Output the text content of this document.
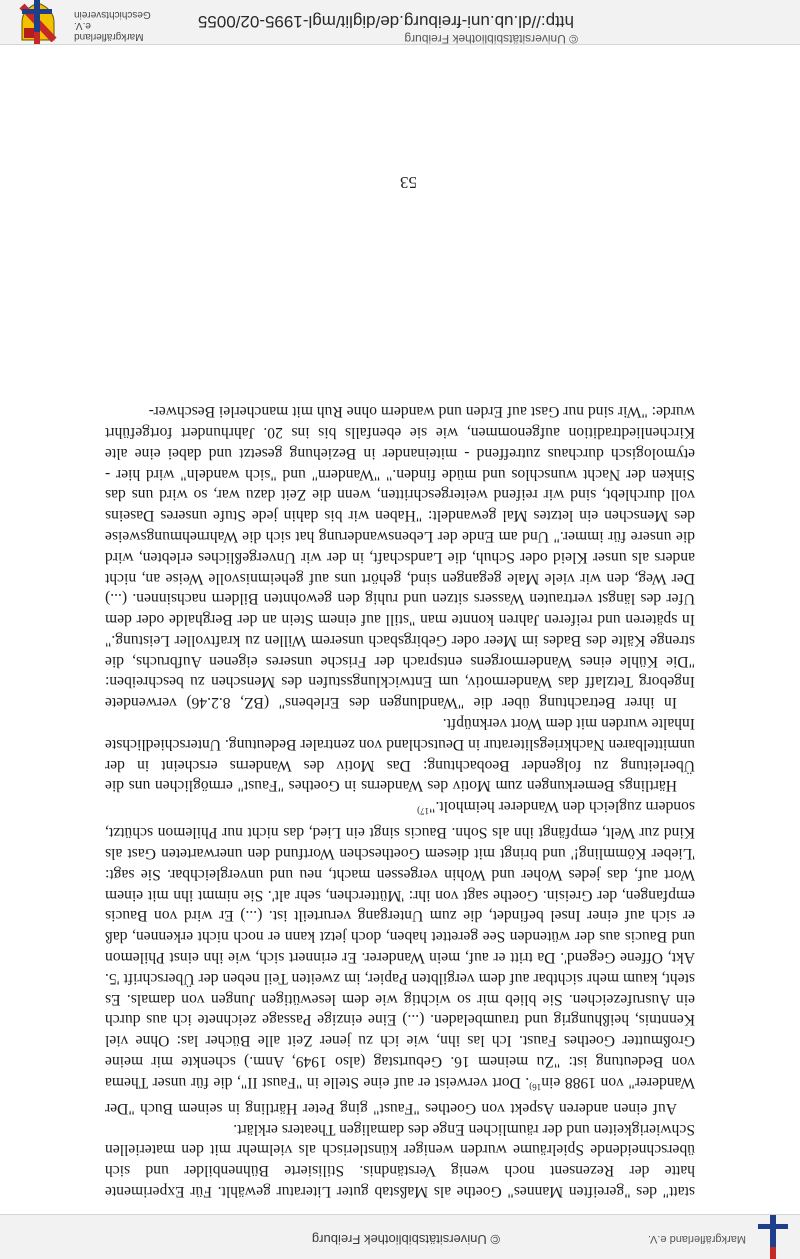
Markgräflerland e.V.
© Universitätsbibliothek Freiburg

statt" des "gereiften Mannes" Goethe als Maßstab guter Literatur gewählt. Für Experimente hatte der Rezensent noch wenig Verständnis. Stilisierte Bühnenbilder und sich überschneidende Spielräume wurden weniger künstlerisch als vielmehr mit den materiellen Schwierigkeiten und der räumlichen Enge des damaligen Theaters erklärt.

Auf einen anderen Aspekt von Goethes "Faust" ging Peter Härtling in seinem Buch "Der Wanderer" von 1988 ein$^{16)}$. Dort verweist er auf eine Stelle in "Faust II", die für unser Thema von Bedeutung ist: "Zu meinem 16. Geburtstag (also 1949, Anm.) schenkte mir meine Großmutter Goethes Faust. Ich las ihn, wie ich zu jener Zeit alle Bücher las: Ohne viel Kenntnis, heißhungrig und traumbeladen. (...) Eine einzige Passage zeichnete ich aus durch ein Ausrufezeichen. Sie blieb mir so wichtig wie dem lesewütigen Jungen von damals. Es steht, kaum mehr sichtbar auf dem vergilbten Papier, im zweiten Teil neben der Überschrift '5. Akt, Offene Gegend'. Da tritt er auf, mein Wanderer. Er erinnert sich, wie ihn einst Philemon und Baucis aus der wütenden See gerettet haben, doch jetzt kann er noch nicht erkennen, daß er sich auf einer Insel befindet, die zum Untergang verurteilt ist. (...) Er wird von Baucis empfangen, der Greisin. Goethe sagt von ihr: 'Mütterchen, sehr alt'. Sie nimmt ihn mit einem Wort auf, das jedes Woher und Wohin vergessen macht, neu und unvergleichbar. Sie sagt: 'Lieber Kömmling!' und bringt mit diesem Goetheschen Wortfund den unerwarteten Gast als Kind zur Welt, empfängt ihn als Sohn. Baucis singt ein Lied, das nicht nur Philemon schützt, sondern zugleich den Wanderer heimholt."$^{17)}$

Härtlings Bemerkungen zum Motiv des Wanderns in Goethes "Faust" ermöglichen uns die Überleitung zu folgender Beobachtung: Das Motiv des Wanderns erscheint in der unmittelbaren Nachkriegsliteratur in Deutschland von zentraler Bedeutung. Unterschiedlichste Inhalte wurden mit dem Wort verknüpft.

In ihrer Betrachtung über die "Wandlungen des Erlebens" (BZ, 8.2.46) verwendete Ingeborg Tetzlaff das Wandermotiv, um Entwicklungsstufen des Menschen zu beschreiben: "Die Kühle eines Wandermorgens entsprach der Frische unseres eigenen Aufbruchs, die strenge Kälte des Bades im Meer oder Gebirgsbach unserem Willen zu kraftvoller Leistung." In späteren und reiferen Jahren konnte man "still auf einem Stein an der Berghalde oder dem Ufer des längst vertrauten Wassers sitzen und ruhig den gewohnten Bildern nachsinnen. (...) Der Weg, den wir viele Male gegangen sind, gehört uns auf geheimnisvolle Weise an, nicht anders als unser Kleid oder Schuh, die Landschaft, in der wir Unvergeßliches erlebten, wird die unsere für immer." Und am Ende der Lebenswanderung hat sich die Wahrnehmungsweise des Menschen ein letztes Mal gewandelt: "Haben wir bis dahin jede Stufe unseres Daseins voll durchlebt, sind wir reifend weitergeschritten, wenn die Zeit dazu war, so wird uns das Sinken der Nacht wunschlos und müde finden." "Wandern" und "sich wandeln" wird hier - etymologisch durchaus zutreffend - miteinander in Beziehung gesetzt und dabei eine alte Kirchenliedtradition aufgenommen, wie sie ebenfalls bis ins 20. Jahrhundert fortgeführt wurde: "Wir sind nur Gast auf Erden und wandern ohne Ruh mit mancherlei Beschwer-

53
© Universitätsbibliothek Freiburg
http://dl.ub.uni-freiburg.de/diglit/mgl-1995-02/0055
Markgräflerland e.V. Geschichtsverein
